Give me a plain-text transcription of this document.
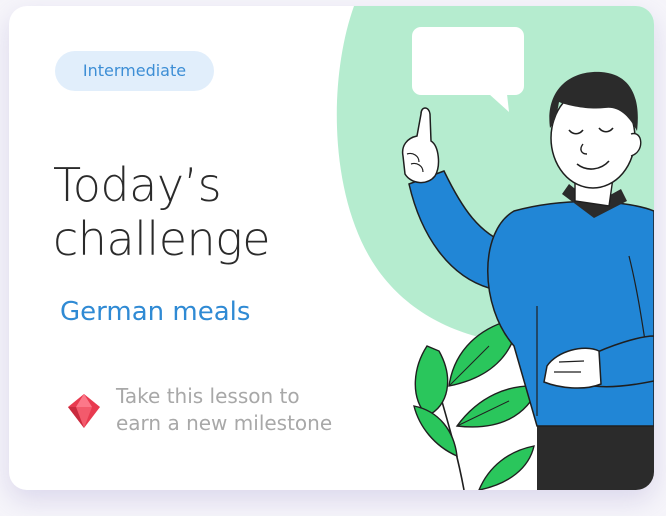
Intermediate
Today’s
challenge
German meals
Take this lesson to
earn a new milestone
